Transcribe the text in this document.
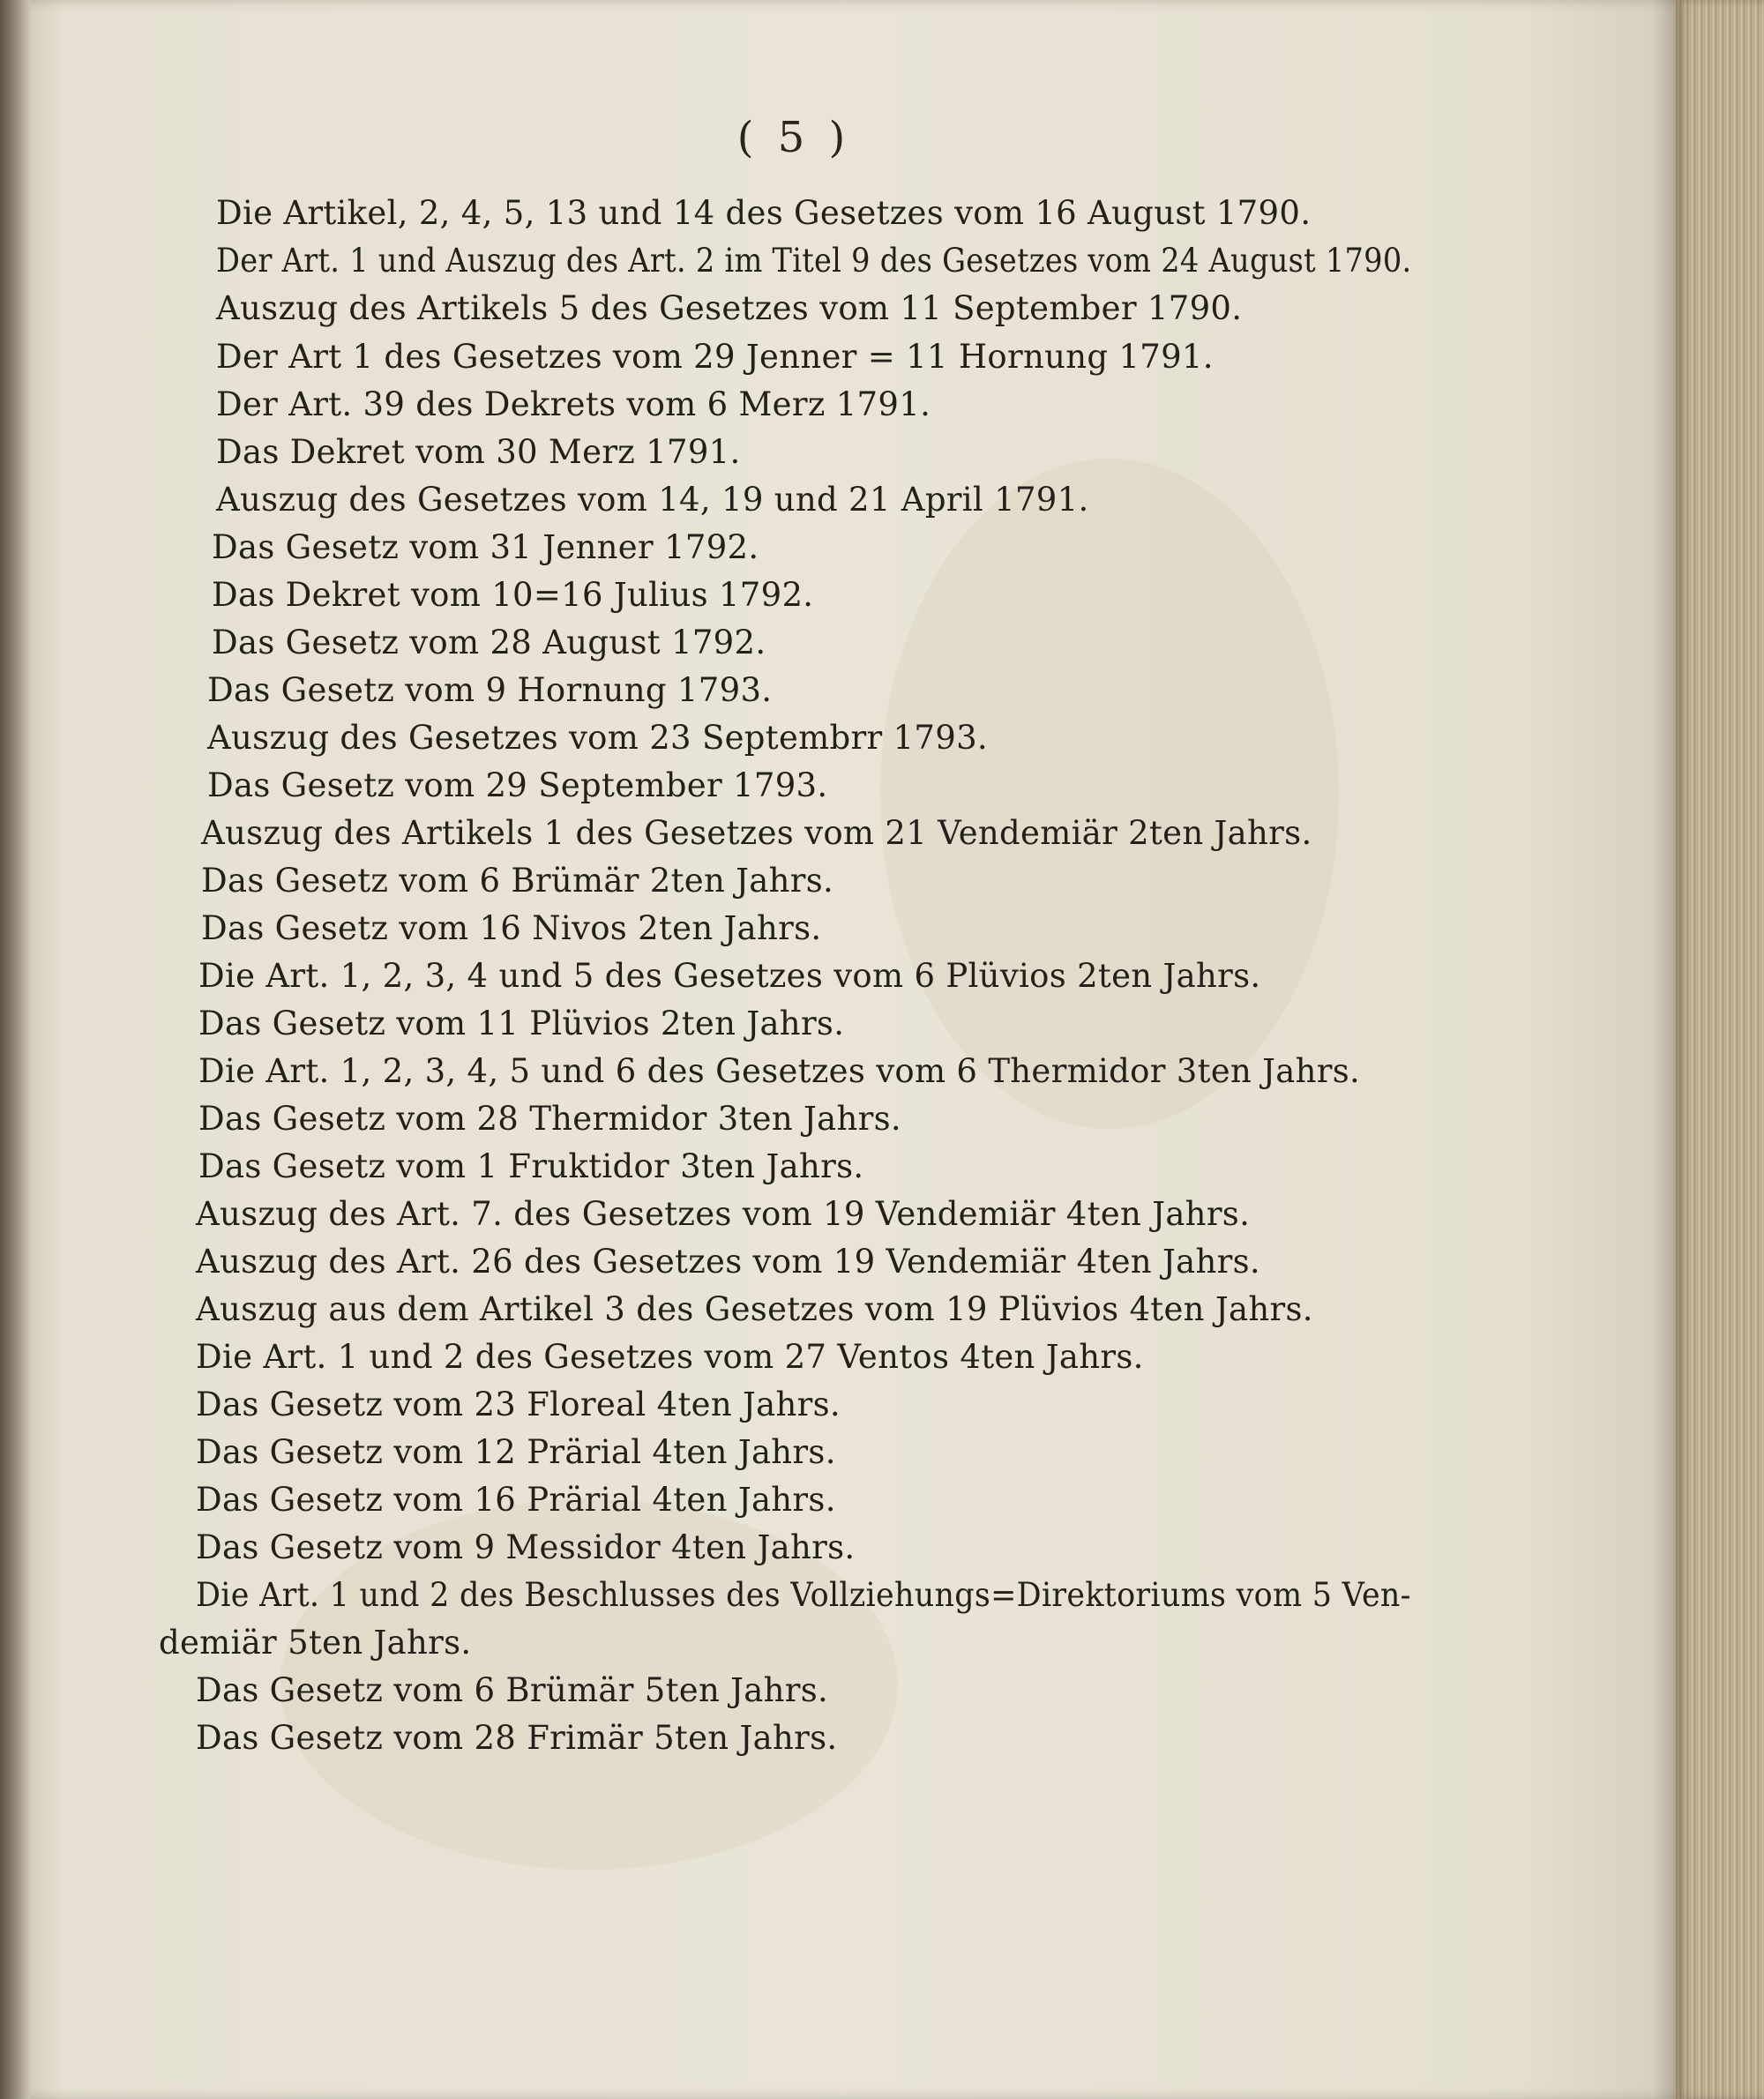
( 5 )
Die Artikel, 2, 4, 5, 13 und 14 des Gesetzes vom 16 August 1790.
Der Art. 1 und Auszug des Art. 2 im Titel 9 des Gesetzes vom 24 August 1790.
Auszug des Artikels 5 des Gesetzes vom 11 September 1790.
Der Art 1 des Gesetzes vom 29 Jenner = 11 Hornung 1791.
Der Art. 39 des Dekrets vom 6 Merz 1791.
Das Dekret vom 30 Merz 1791.
Auszug des Gesetzes vom 14, 19 und 21 April 1791.
Das Gesetz vom 31 Jenner 1792.
Das Dekret vom 10=16 Julius 1792.
Das Gesetz vom 28 August 1792.
Das Gesetz vom 9 Hornung 1793.
Auszug des Gesetzes vom 23 Septembrr 1793.
Das Gesetz vom 29 September 1793.
Auszug des Artikels 1 des Gesetzes vom 21 Vendemiär 2ten Jahrs.
Das Gesetz vom 6 Brümär 2ten Jahrs.
Das Gesetz vom 16 Nivos 2ten Jahrs.
Die Art. 1, 2, 3, 4 und 5 des Gesetzes vom 6 Plüvios 2ten Jahrs.
Das Gesetz vom 11 Plüvios 2ten Jahrs.
Die Art. 1, 2, 3, 4, 5 und 6 des Gesetzes vom 6 Thermidor 3ten Jahrs.
Das Gesetz vom 28 Thermidor 3ten Jahrs.
Das Gesetz vom 1 Fruktidor 3ten Jahrs.
Auszug des Art. 7. des Gesetzes vom 19 Vendemiär 4ten Jahrs.
Auszug des Art. 26 des Gesetzes vom 19 Vendemiär 4ten Jahrs.
Auszug aus dem Artikel 3 des Gesetzes vom 19 Plüvios 4ten Jahrs.
Die Art. 1 und 2 des Gesetzes vom 27 Ventos 4ten Jahrs.
Das Gesetz vom 23 Floreal 4ten Jahrs.
Das Gesetz vom 12 Prärial 4ten Jahrs.
Das Gesetz vom 16 Prärial 4ten Jahrs.
Das Gesetz vom 9 Messidor 4ten Jahrs.
Die Art. 1 und 2 des Beschlusses des Vollziehungs=Direktoriums vom 5 Ven-
demiär 5ten Jahrs.
Das Gesetz vom 6 Brümär 5ten Jahrs.
Das Gesetz vom 28 Frimär 5ten Jahrs.
